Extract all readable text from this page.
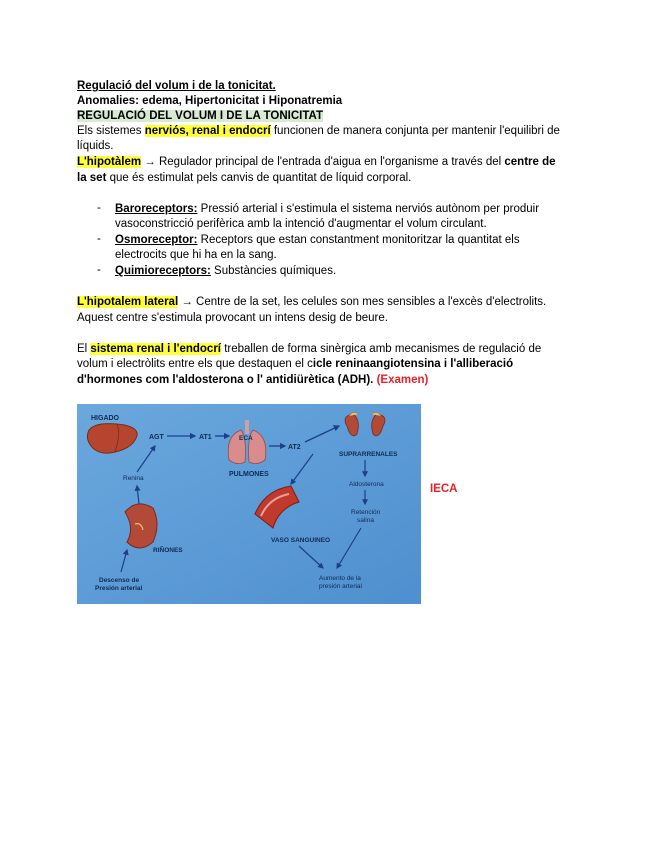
Regulació del volum i de la tonicitat.
Anomalies: edema, Hipertonicitat i Hiponatremia
REGULACIÓ DEL VOLUM I DE LA TONICITAT
Els sistemes nerviós, renal i endocrí funcionen de manera conjunta per mantenir l'equilibri de
líquids.
L'hipotàlem → Regulador principal de l'entrada d'aigua en l'organisme a través del centre de
la set que és estimulat pels canvis de quantitat de líquid corporal.
- Baroreceptors: Pressió arterial i s'estimula el sistema nerviós autònom per produir
vasoconstricció perifèrica amb la intenció d'augmentar el volum circulant.
- Osmoreceptor: Receptors que estan constantment monitoritzar la quantitat els
electrocits que hi ha en la sang.
- Quimioreceptors: Substàncies químiques.
L'hipotalem lateral → Centre de la set, les celules son mes sensibles a l'excès d'electrolits.
Aquest centre s'estimula provocant un intens desig de beure.
El sistema renal i l'endocrí treballen de forma sinèrgica amb mecanismes de regulació de
volum i electròlits entre els que destaquen el cicle reninaangiotensina i l'alliberació
d'hormones com l'aldosterona o l' antidiürètica (ADH). (Examen)
HIGADO
AGT	AT1	ECA
PULMONES
AT2
SUPRARRENALES
Aldosterona
Retención
salina
VASO SANGUINEO
Aumento de la
presión arterial
Renina
RIÑONES
Descenso de
Presión arterial
IECA
